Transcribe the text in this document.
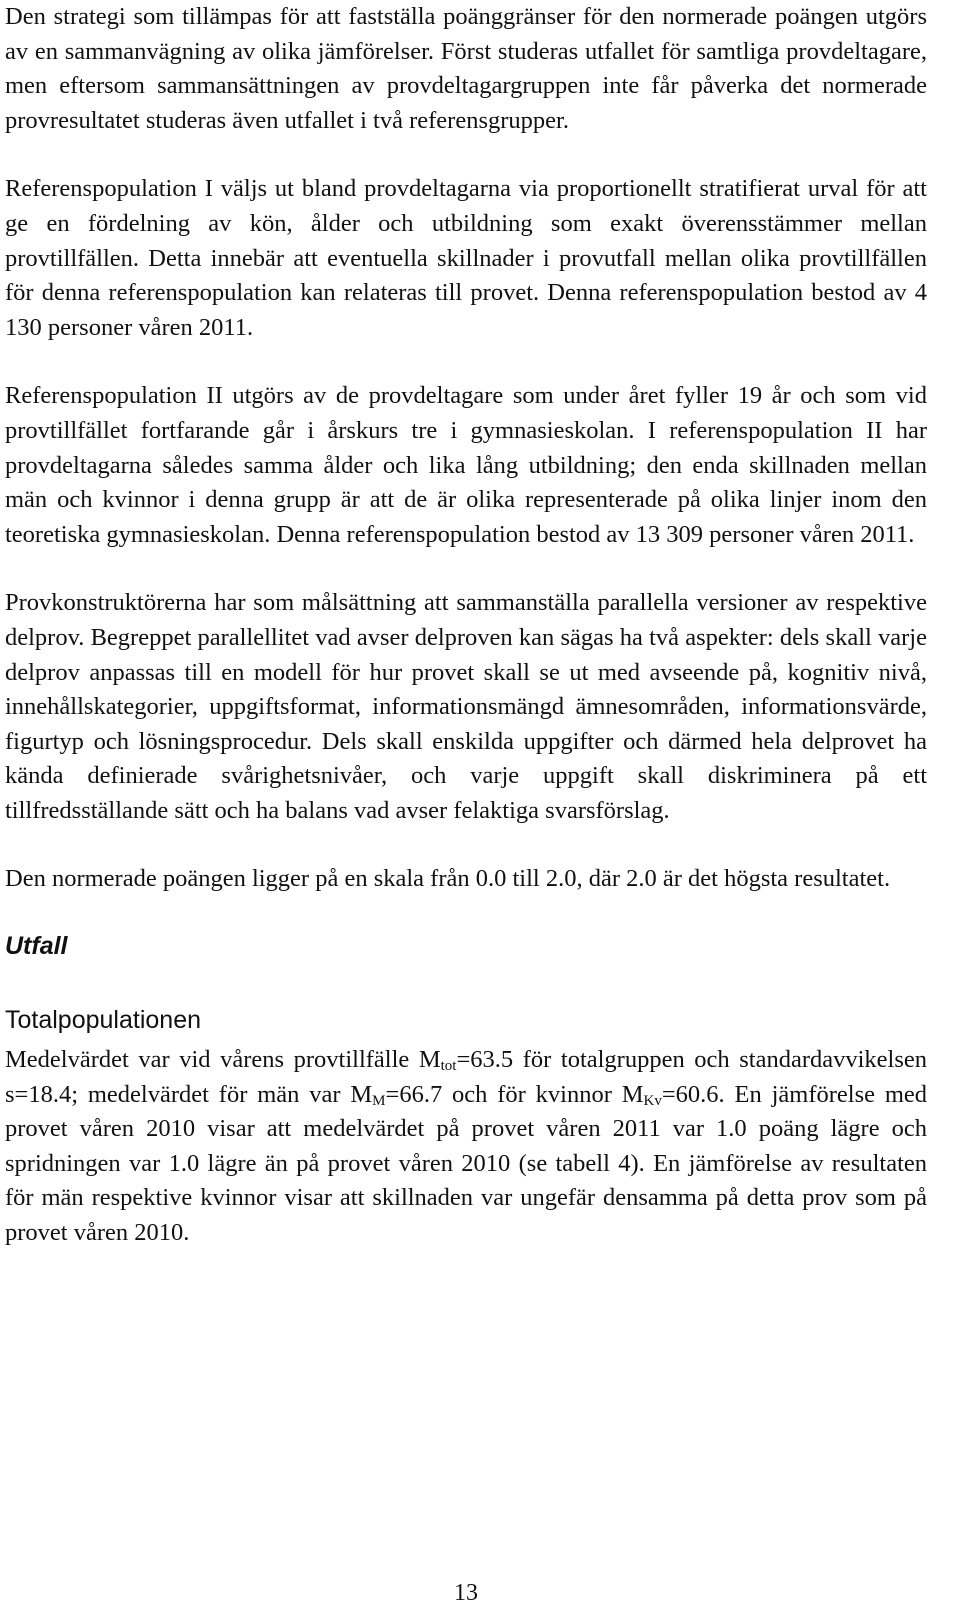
Den strategi som tillämpas för att fastställa poänggränser för den normerade poängen utgörs av en sammanvägning av olika jämförelser. Först studeras utfallet för samtliga provdeltagare, men eftersom sammansättningen av provdeltagargruppen inte får påverka det normerade provresultatet studeras även utfallet i två referensgrupper.

Referenspopulation I väljs ut bland provdeltagarna via proportionellt stratifierat urval för att ge en fördelning av kön, ålder och utbildning som exakt överensstämmer mellan provtillfällen. Detta innebär att eventuella skillnader i provutfall mellan olika provtillfällen för denna referenspopulation kan relateras till provet. Denna referenspopulation bestod av 4 130 personer våren 2011.

Referenspopulation II utgörs av de provdeltagare som under året fyller 19 år och som vid provtillfället fortfarande går i årskurs tre i gymnasieskolan. I referenspopulation II har provdeltagarna således samma ålder och lika lång utbildning; den enda skillnaden mellan män och kvinnor i denna grupp är att de är olika representerade på olika linjer inom den teoretiska gymnasieskolan. Denna referenspopulation bestod av 13 309 personer våren 2011.

Provkonstruktörerna har som målsättning att sammanställa parallella versioner av respektive delprov. Begreppet parallellitet vad avser delproven kan sägas ha två aspekter: dels skall varje delprov anpassas till en modell för hur provet skall se ut med avseende på, kognitiv nivå, innehållskategorier, uppgiftsformat, informationsmängd ämnesområden, informationsvärde, figurtyp och lösningsprocedur. Dels skall enskilda uppgifter och därmed hela delprovet ha kända definierade svårighetsnivåer, och varje uppgift skall diskriminera på ett tillfredsställande sätt och ha balans vad avser felaktiga svarsförslag.

Den normerade poängen ligger på en skala från 0.0 till 2.0, där 2.0 är det högsta resultatet.

Utfall
Totalpopulationen

Medelvärdet var vid vårens provtillfälle $M_{tot}=63.5$ för totalgruppen och standardavvikelsen s=18.4; medelvärdet för män var $M_M=66.7$ och för kvinnor $M_{Kv}=60.6$. En jämförelse med provet våren 2010 visar att medelvärdet på provet våren 2011 var 1.0 poäng lägre och spridningen var 1.0 lägre än på provet våren 2010 (se tabell 4). En jämförelse av resultaten för män respektive kvinnor visar att skillnaden var ungefär densamma på detta prov som på provet våren 2010.

13
